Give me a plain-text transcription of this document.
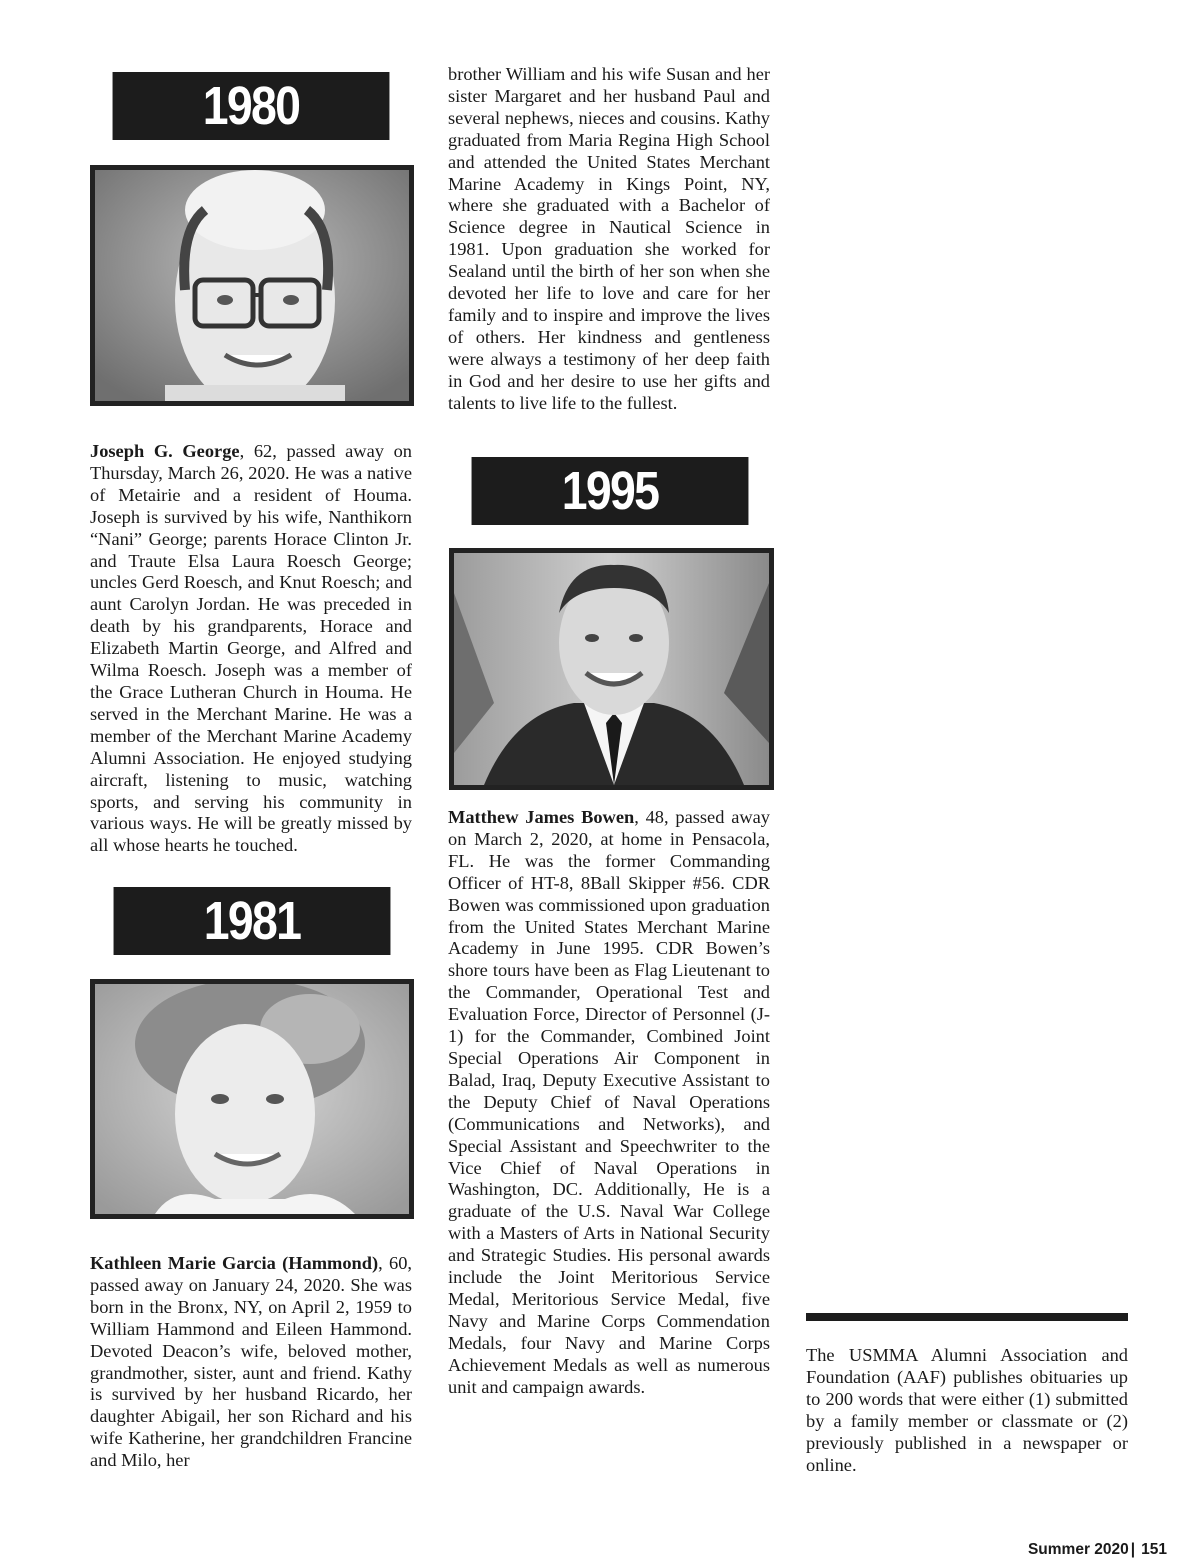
1980

Joseph G. George, 62, passed away on Thursday, March 26, 2020. He was a native of Metairie and a resident of Houma. Joseph is survived by his wife, Nanthikorn “Nani” George; parents Horace Clinton Jr. and Traute Elsa Laura Roesch George; uncles Gerd Roesch, and Knut Roesch; and aunt Carolyn Jordan. He was preceded in death by his grandparents, Horace and Elizabeth Martin George, and Alfred and Wilma Roesch. Joseph was a member of the Grace Lutheran Church in Houma. He served in the Merchant Marine. He was a member of the Merchant Marine Academy Alumni Association. He enjoyed studying aircraft, listening to music, watching sports, and serving his community in various ways. He will be greatly missed by all whose hearts he touched.

1981

Kathleen Marie Garcia (Hammond), 60, passed away on January 24, 2020. She was born in the Bronx, NY, on April 2, 1959 to William Hammond and Eileen Hammond. Devoted Deacon’s wife, beloved mother, grandmother, sister, aunt and friend. Kathy is survived by her husband Ricardo, her daughter Abigail, her son Richard and his wife Katherine, her grandchildren Francine and Milo, her

brother William and his wife Susan and her sister Margaret and her husband Paul and several nephews, nieces and cousins. Kathy graduated from Maria Regina High School and attended the United States Merchant Marine Academy in Kings Point, NY, where she graduated with a Bachelor of Science degree in Nautical Science in 1981. Upon graduation she worked for Sealand until the birth of her son when she devoted her life to love and care for her family and to inspire and improve the lives of others. Her kindness and gentleness were always a testimony of her deep faith in God and her desire to use her gifts and talents to live life to the fullest.

1995

Matthew James Bowen, 48, passed away on March 2, 2020, at home in Pensacola, FL. He was the former Commanding Officer of HT-8, 8Ball Skipper #56. CDR Bowen was commissioned upon graduation from the United States Merchant Marine Academy in June 1995. CDR Bowen’s shore tours have been as Flag Lieutenant to the Commander, Operational Test and Evaluation Force, Director of Personnel (J-1) for the Commander, Combined Joint Special Operations Air Component in Balad, Iraq, Deputy Executive Assistant to the Deputy Chief of Naval Operations (Communications and Networks), and Special Assistant and Speechwriter to the Vice Chief of Naval Operations in Washington, DC. Additionally, He is a graduate of the U.S. Naval War College with a Masters of Arts in National Security and Strategic Studies. His personal awards include the Joint Meritorious Service Medal, Meritorious Service Medal, five Navy and Marine Corps Commendation Medals, four Navy and Marine Corps Achievement Medals as well as numerous unit and campaign awards.

The USMMA Alumni Association and Foundation (AAF) publishes obituaries up to 200 words that were either (1) submitted by a family member or classmate or (2) previously published in a newspaper or online.

Summer 2020 | 151
